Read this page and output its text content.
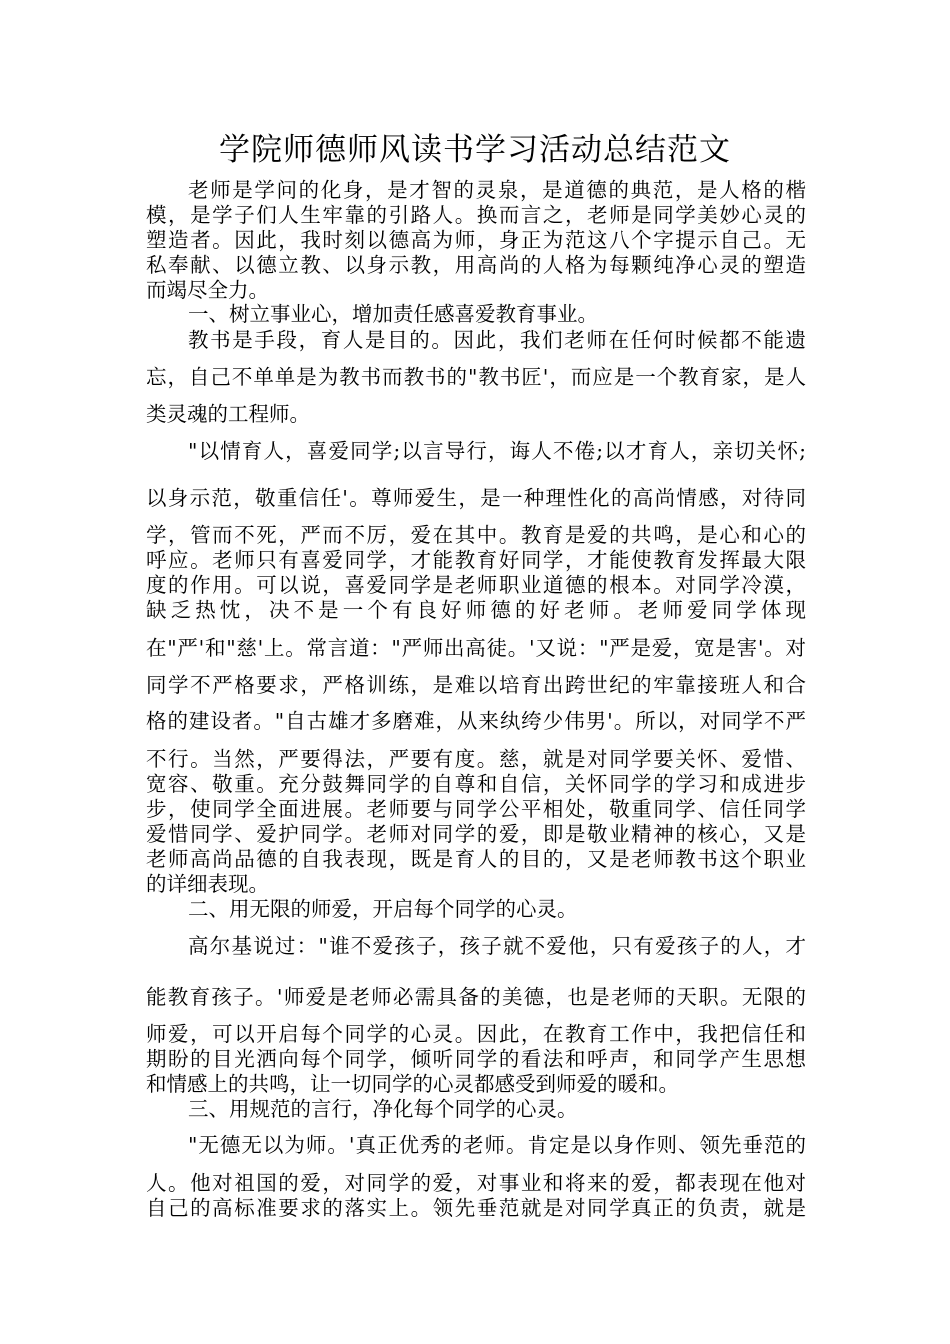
学院师德师风读书学习活动总结范文
老师是学问的化身，是才智的灵泉，是道德的典范，是人格的楷
模，是学子们人生牢靠的引路人。换而言之，老师是同学美妙心灵的
塑造者。因此，我时刻以德高为师，身正为范这八个字提示自己。无
私奉献、以德立教、以身示教，用高尚的人格为每颗纯净心灵的塑造
而竭尽全力。
一、树立事业心，增加责任感喜爱教育事业。
教书是手段，育人是目的。因此，我们老师在任何时候都不能遗
忘，自己不单单是为教书而教书的"教书匠'，而应是一个教育家，是人
类灵魂的工程师。
"以情育人，喜爱同学;以言导行，诲人不倦;以才育人，亲切关怀;
以身示范，敬重信任'。尊师爱生，是一种理性化的高尚情感，对待同
学，管而不死，严而不厉，爱在其中。教育是爱的共鸣，是心和心的
呼应。老师只有喜爱同学，才能教育好同学，才能使教育发挥最大限
度的作用。可以说，喜爱同学是老师职业道德的根本。对同学冷漠，
缺乏热忱，决不是一个有良好师德的好老师。老师爱同学体现
在"严'和"慈'上。常言道："严师出高徒。'又说："严是爱，宽是害'。对
同学不严格要求，严格训练，是难以培育出跨世纪的牢靠接班人和合
格的建设者。"自古雄才多磨难，从来纨绔少伟男'。所以，对同学不严
不行。当然，严要得法，严要有度。慈，就是对同学要关怀、爱惜、
宽容、敬重。充分鼓舞同学的自尊和自信，关怀同学的学习和成进步
步，使同学全面进展。老师要与同学公平相处，敬重同学、信任同学
爱惜同学、爱护同学。老师对同学的爱，即是敬业精神的核心，又是
老师高尚品德的自我表现，既是育人的目的，又是老师教书这个职业
的详细表现。
二、用无限的师爱，开启每个同学的心灵。
高尔基说过："谁不爱孩子，孩子就不爱他，只有爱孩子的人，才
能教育孩子。'师爱是老师必需具备的美德，也是老师的天职。无限的
师爱，可以开启每个同学的心灵。因此，在教育工作中，我把信任和
期盼的目光洒向每个同学，倾听同学的看法和呼声，和同学产生思想
和情感上的共鸣，让一切同学的心灵都感受到师爱的暖和。
三、用规范的言行，净化每个同学的心灵。
"无德无以为师。'真正优秀的老师。肯定是以身作则、领先垂范的
人。他对祖国的爱，对同学的爱，对事业和将来的爱，都表现在他对
自己的高标准要求的落实上。领先垂范就是对同学真正的负责，就是
